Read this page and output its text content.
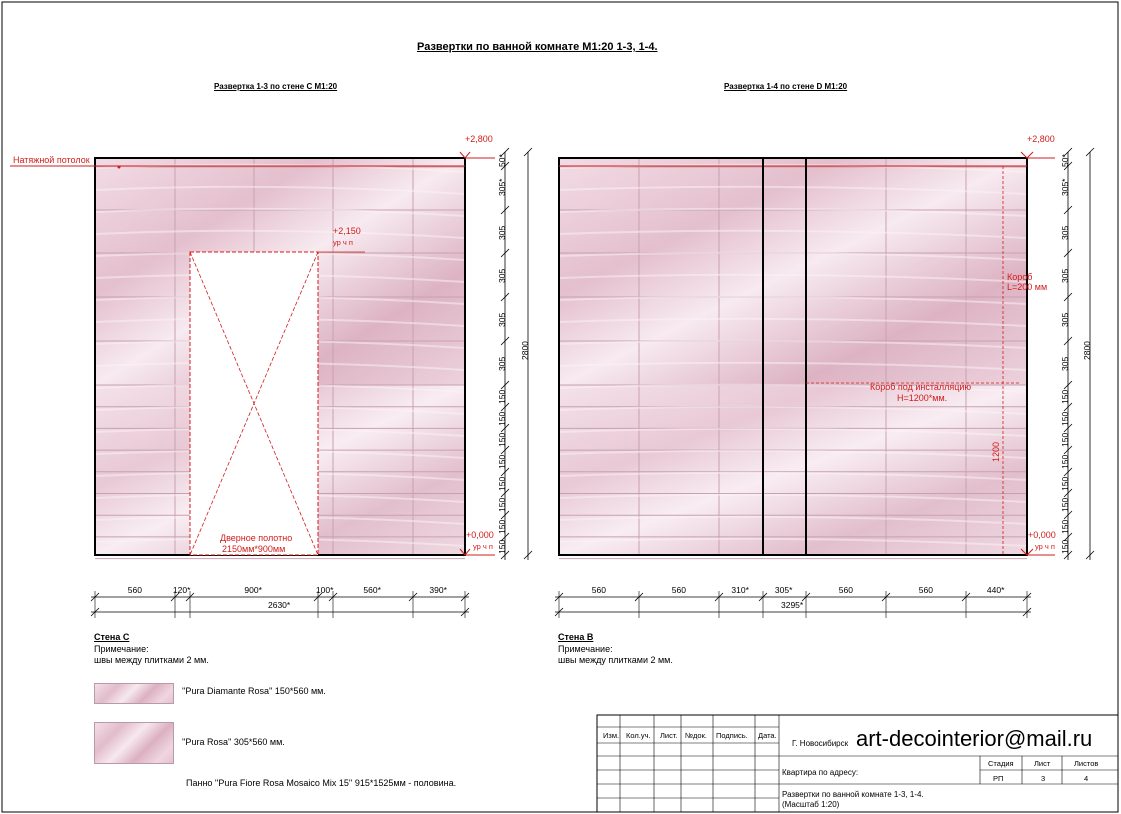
Развертки по ванной комнате М1:20 1-3, 1-4.
Развертка 1-3 по стене С М1:20	Развертка 1-4 по стене D М1:20
Натяжной потолок
+2,800
+2,150
ур ч п
+0,000
ур ч п
Дверное полотно
2150мм*900мм
+2,800
Короб
L=200 мм
Короб под инсталляцию
H=1200*мм.
1200
+0,000
ур ч п
50*
305*
305
305
305
305
150
150
150
150
150
150
150
150
2800
50*
305*
305
305
305
305
150
150
150
150
150
150
150
150
2800
560	120*	900*	100*	560*	390*
2630*
560	560	310*	305*	560	560	440*
3295*
Стена С
Примечание:
швы между плитками 2 мм.
Стена В
Примечание:
швы между плитками 2 мм.
''Pura Diamante Rosa'' 150*560 мм.
''Pura Rosa'' 305*560 мм.
Панно ''Pura Fiore Rosa Mosaico Mix 15'' 915*1525мм - половина.
Изм. Кол.уч. Лист. №док. Подпись. Дата.
Г. Новосибирск art-decointerior@mail.ru
Квартира по адресу:
Стадия	Лист	Листов
РП	3	4
Развертки по ванной комнате 1-3, 1-4.
(Масштаб 1:20)
